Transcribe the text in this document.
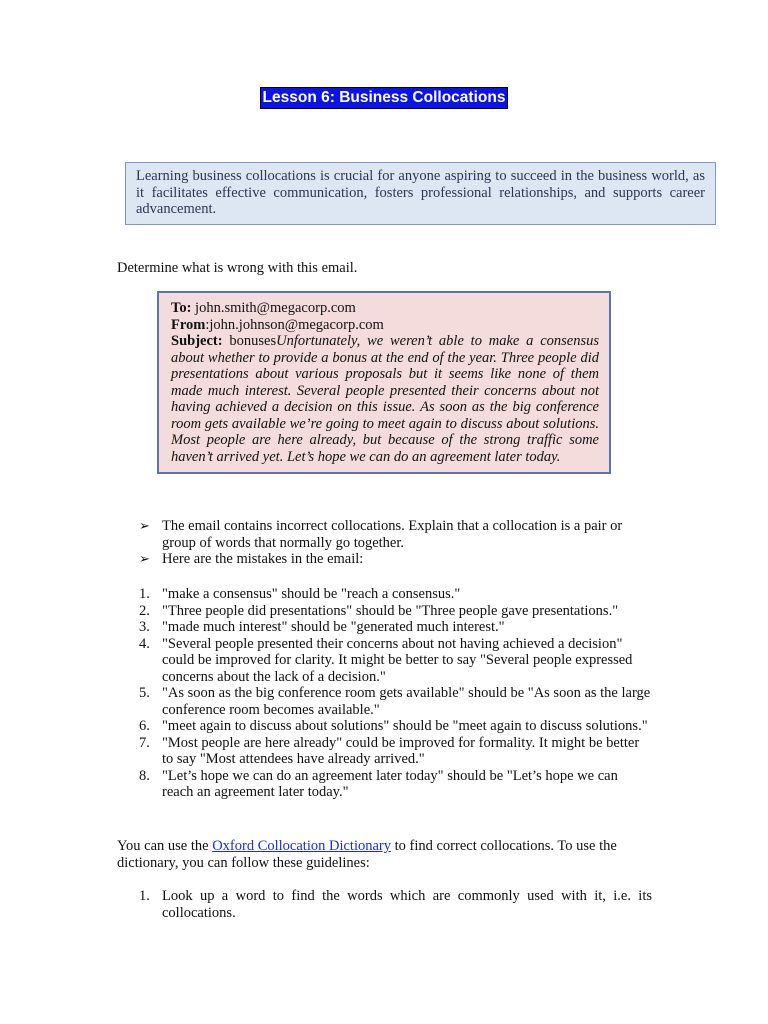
Lesson 6: Business Collocations
Learning business collocations is crucial for anyone aspiring to succeed in the business world, as it facilitates effective communication, fosters professional relationships, and supports career advancement.
Determine what is wrong with this email.
To: john.smith@megacorp.com
From:john.johnson@megacorp.com
Subject: bonusesUnfortunately, we weren’t able to make a consensus about whether to provide a bonus at the end of the year. Three people did presentations about various proposals but it seems like none of them made much interest. Several people presented their concerns about not having achieved a decision on this issue. As soon as the big conference room gets available we’re going to meet again to discuss about solutions. Most people are here already, but because of the strong traffic some haven’t arrived yet. Let’s hope we can do an agreement later today.
➢ The email contains incorrect collocations. Explain that a collocation is a pair or group of words that normally go together.
➢ Here are the mistakes in the email:
1. "make a consensus" should be "reach a consensus."
2. "Three people did presentations" should be "Three people gave presentations."
3. "made much interest" should be "generated much interest."
4. "Several people presented their concerns about not having achieved a decision" could be improved for clarity. It might be better to say "Several people expressed concerns about the lack of a decision."
5. "As soon as the big conference room gets available" should be "As soon as the large conference room becomes available."
6. "meet again to discuss about solutions" should be "meet again to discuss solutions."
7. "Most people are here already" could be improved for formality. It might be better to say "Most attendees have already arrived."
8. "Let’s hope we can do an agreement later today" should be "Let’s hope we can reach an agreement later today."
You can use the Oxford Collocation Dictionary to find correct collocations. To use the dictionary, you can follow these guidelines:
1. Look up a word to find the words which are commonly used with it, i.e. its collocations.
